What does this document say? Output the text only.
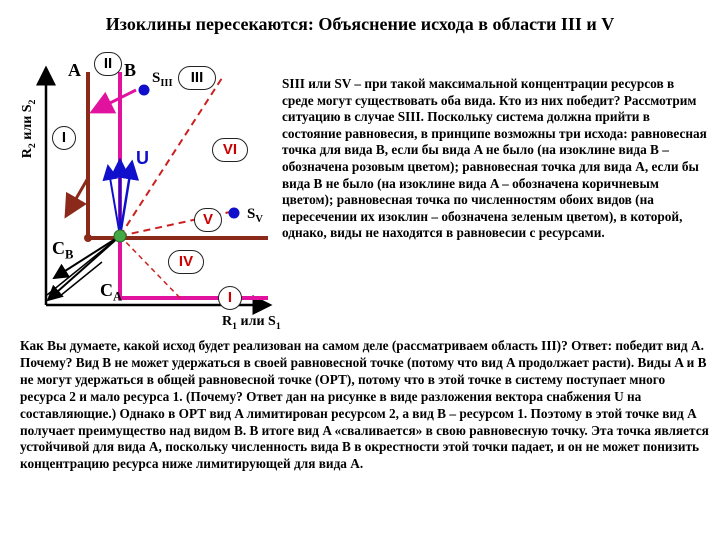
Изоклины пересекаются: Объяснение исхода в области III и V
$R_2$ или $S_2$
II
III
I
VI
V
IV
I
A B $S_{III}$
$S_V$
U
$C_B$
$C_A$
$R_1$ или $S_1$
SIII или SV – при такой максимальной концентрации ресурсов в среде могут существовать оба вида. Кто из них победит? Рассмотрим ситуацию в случае SIII. Поскольку система должна прийти в состояние равновесия, в принципе возможны три исхода: равновесная точка для вида B, если бы вида A не было (на изоклине вида B – обозначена розовым цветом); равновесная точка для вида A, если бы вида B не было (на изоклине вида A – обозначена коричневым цветом); равновесная точка по численностям обоих видов (на пересечении их изоклин – обозначена зеленым цветом), в которой, однако, виды не находятся в равновесии с ресурсами.

Как Вы думаете, какой исход будет реализован на самом деле (рассматриваем область III)? Ответ: победит вид A.

Почему? Вид B не может удержаться в своей равновесной точке (потому что вид A продолжает расти). Виды A и B не могут удержаться в общей равновесной точке (ОРТ), потому что в этой точке в систему поступает много ресурса 2 и мало ресурса 1. (Почему? Ответ дан на рисунке в виде разложения вектора снабжения U на составляющие.) Однако в ОРТ вид A лимитирован ресурсом 2, а вид B – ресурсом 1. Поэтому в этой точке вид A получает преимущество над видом B. В итоге вид A «сваливается» в свою равновесную точку. Эта точка является устойчивой для вида A, поскольку численность вида B в окрестности этой точки падает, и он не может понизить концентрацию ресурса ниже лимитирующей для вида A.
